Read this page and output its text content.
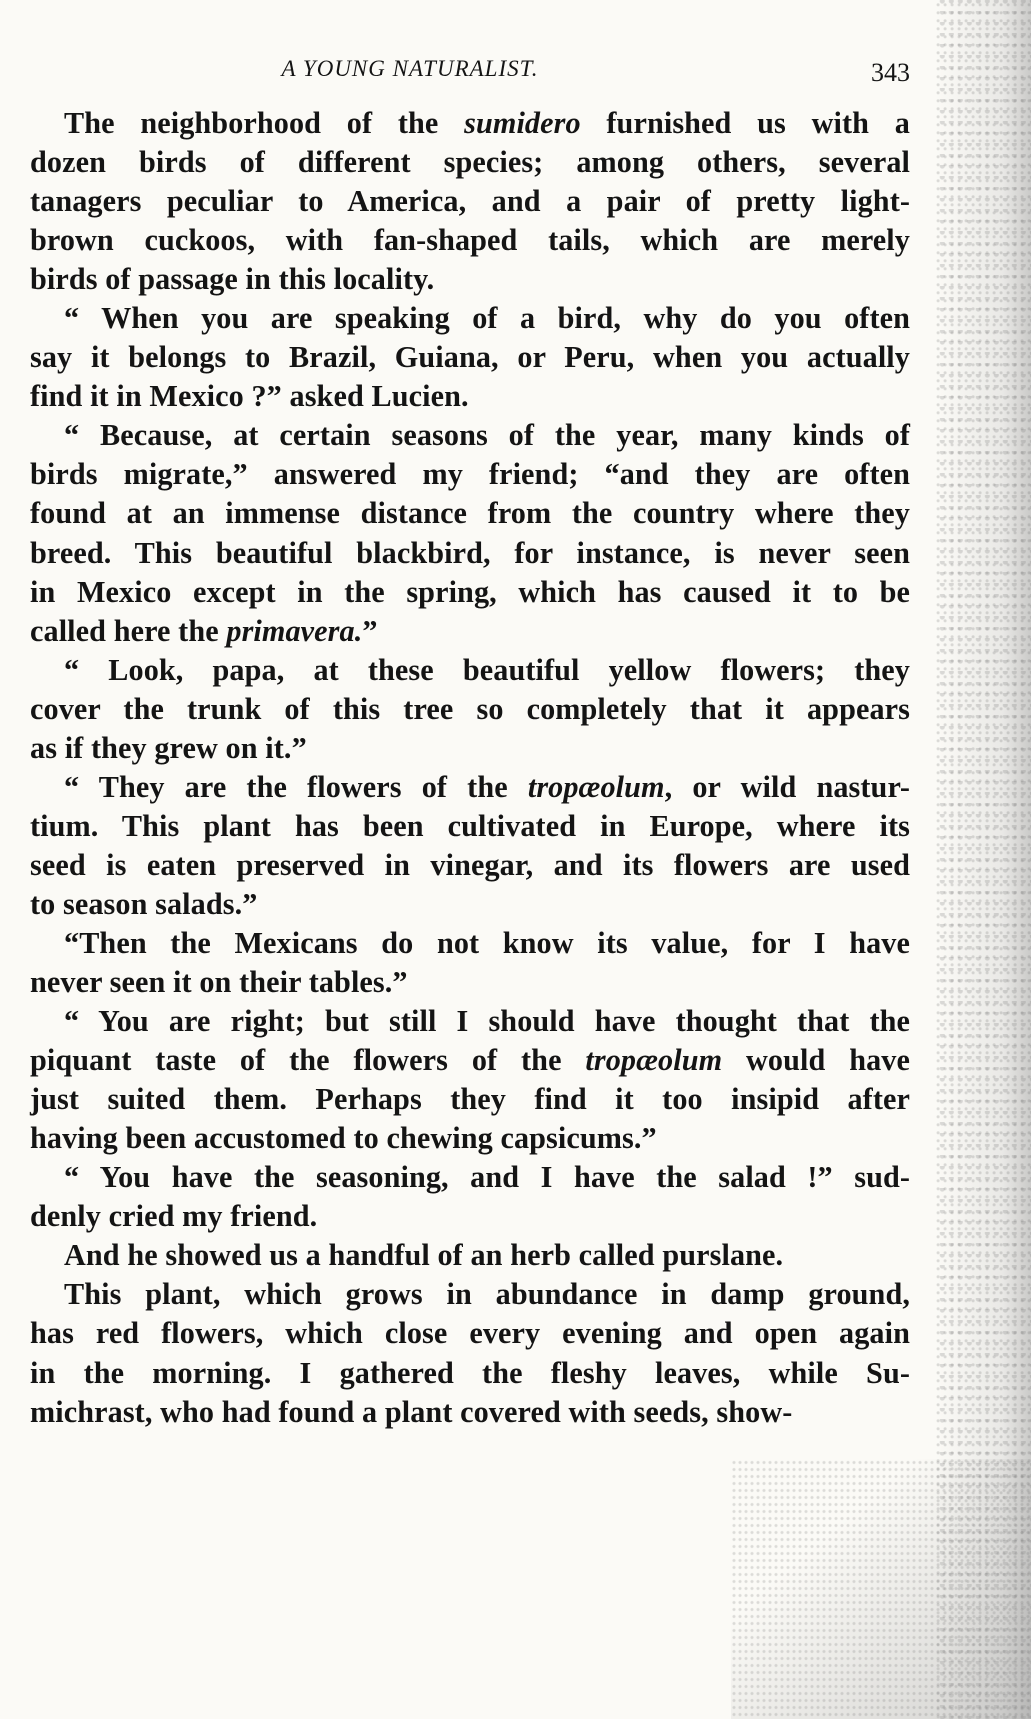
A YOUNG NATURALIST.	343
The neighborhood of the sumidero furnished us with a
dozen birds of different species; among others, several
tanagers peculiar to America, and a pair of pretty light-
brown cuckoos, with fan-shaped tails, which are merely
birds of passage in this locality.
“ When you are speaking of a bird, why do you often
say it belongs to Brazil, Guiana, or Peru, when you actually
find it in Mexico ?” asked Lucien.
“ Because, at certain seasons of the year, many kinds of
birds migrate,” answered my friend; “and they are often
found at an immense distance from the country where they
breed. This beautiful blackbird, for instance, is never seen
in Mexico except in the spring, which has caused it to be
called here the primavera.”
“ Look, papa, at these beautiful yellow flowers; they
cover the trunk of this tree so completely that it appears
as if they grew on it.”
“ They are the flowers of the tropæolum, or wild nastur-
tium. This plant has been cultivated in Europe, where its
seed is eaten preserved in vinegar, and its flowers are used
to season salads.”
“Then the Mexicans do not know its value, for I have
never seen it on their tables.”
“ You are right; but still I should have thought that the
piquant taste of the flowers of the tropæolum would have
just suited them. Perhaps they find it too insipid after
having been accustomed to chewing capsicums.”
“ You have the seasoning, and I have the salad !” sud-
denly cried my friend.
And he showed us a handful of an herb called purslane.
This plant, which grows in abundance in damp ground,
has red flowers, which close every evening and open again
in the morning. I gathered the fleshy leaves, while Su-
michrast, who had found a plant covered with seeds, show-
